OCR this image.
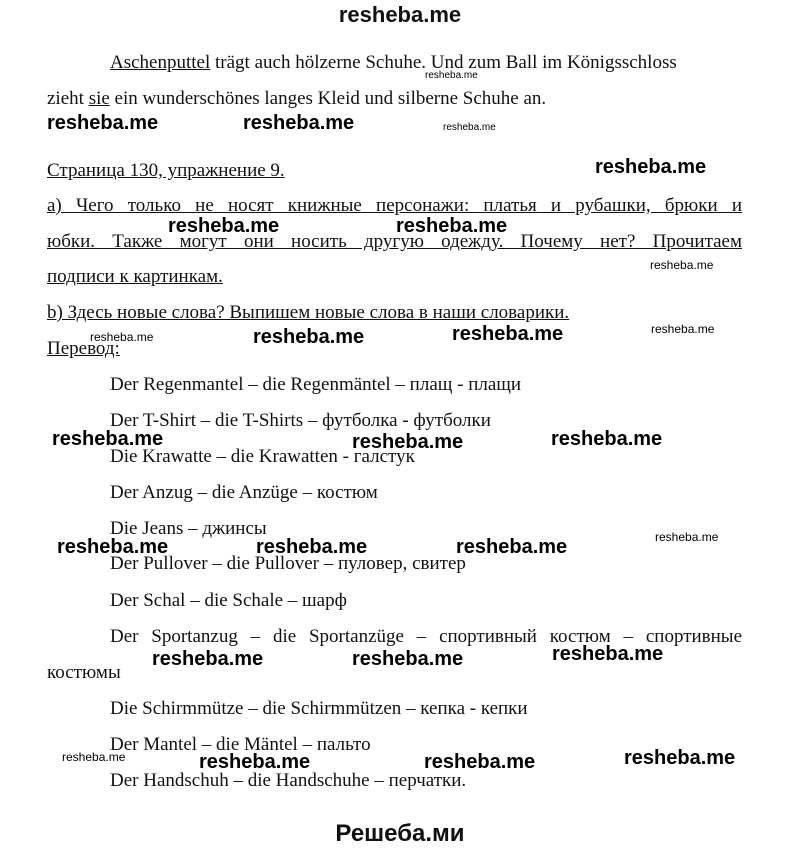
resheba.me
Aschenputtel trägt auch hölzerne Schuhe. Und zum Ball im Königsschloss
zieht sie ein wunderschönes langes Kleid und silberne Schuhe an.
Страница 130, упражнение 9.
а) Чего только не носят книжные персонажи: платья и рубашки, брюки и
юбки. Также могут они носить другую одежду. Почему нет? Прочитаем
подписи к картинкам.
b) Здесь новые слова? Выпишем новые слова в наши словарики.
Перевод:
Der Regenmantel – die Regenmäntel – плащ - плащи
Der T-Shirt – die T-Shirts – футболка - футболки
Die Krawatte – die Krawatten - галстук
Der Anzug – die Anzüge – костюм
Die Jeans – джинсы
Der Pullover – die Pullover – пуловер, свитер
Der Schal – die Schale – шарф
Der Sportanzug – die Sportanzüge – спортивный костюм – спортивные
костюмы
Die Schirmmütze – die Schirmmützen – кепка - кепки
Der Mantel – die Mäntel – пальто
Der Handschuh – die Handschuhe – перчатки.
resheba.me
resheba.me	resheba.me	resheba.me
resheba.me
resheba.me	resheba.me
resheba.me
resheba.me	resheba.me	resheba.me	resheba.me
resheba.me	resheba.me	resheba.me
resheba.me	resheba.me	resheba.me	resheba.me
resheba.me	resheba.me	resheba.me
resheba.me	resheba.me	resheba.me	resheba.me
Решеба.ми
